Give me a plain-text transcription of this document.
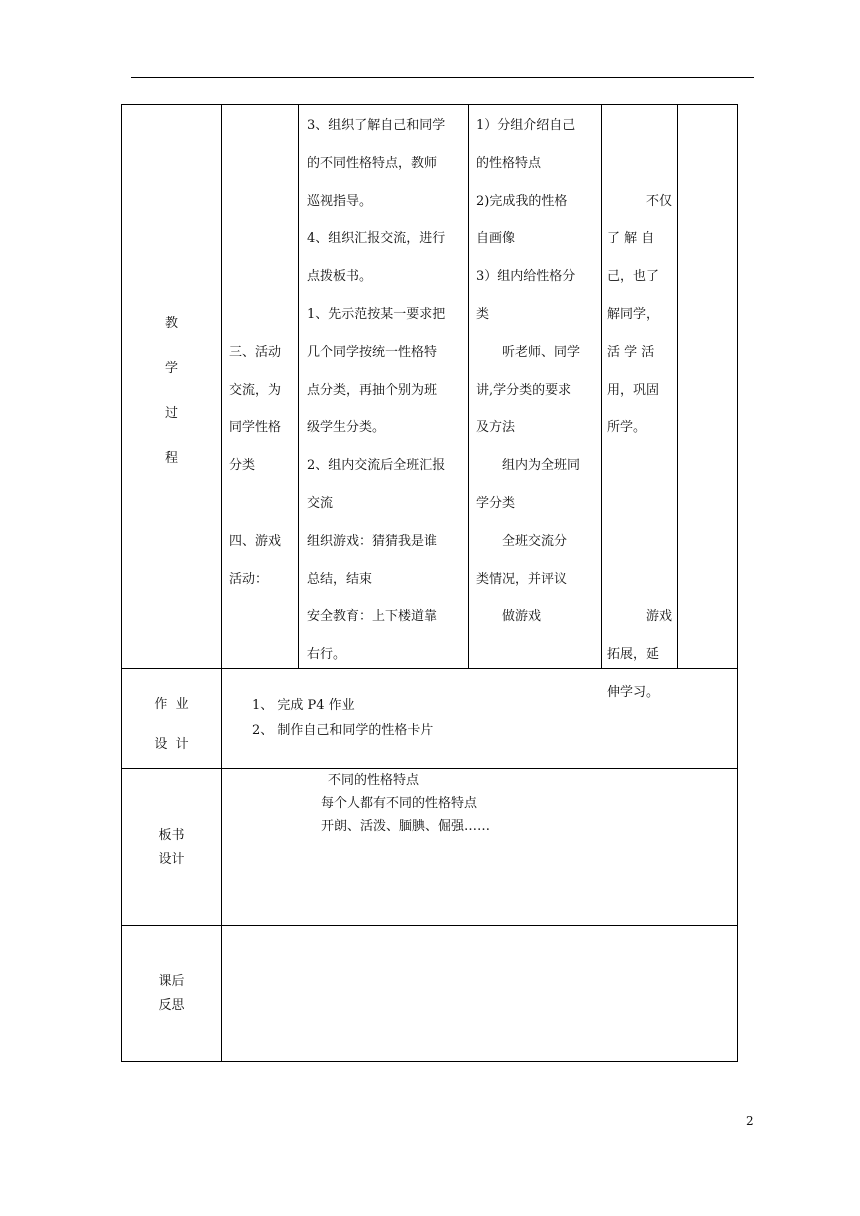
教
学
过
程
三、活动
交流，为
同学性格
分类
四、游戏
活动：
3、组织了解自己和同学
的不同性格特点，教师
巡视指导。
4、组织汇报交流，进行
点拨板书。
1、先示范按某一要求把
几个同学按统一性格特
点分类，再抽个别为班
级学生分类。
2、组内交流后全班汇报
交流
组织游戏：猜猜我是谁
总结，结束
安全教育：上下楼道靠
右行。
1）分组介绍自己
的性格特点
2)完成我的性格
自画像
3）组内给性格分
类
　　听老师、同学
讲,学分类的要求
及方法
　　组内为全班同
学分类
　　全班交流分
类情况，并评议
　　做游戏
　　　不仅
了 解 自
己，也了
解同学，
活 学 活
用，巩固
所学。
　　　游戏
拓展，延
伸学习。
作  业
设  计
1、 完成 P4 作业
2、 制作自己和同学的性格卡片
板书
设计
不同的性格特点
每个人都有不同的性格特点
开朗、活泼、腼腆、倔强……
课后
反思
2
